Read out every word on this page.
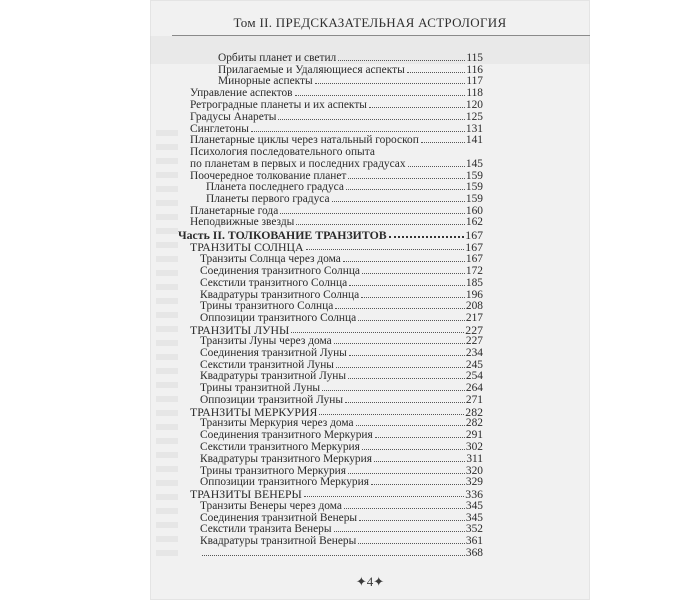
Том II. ПРЕДСКАЗАТЕЛЬНАЯ АСТРОЛОГИЯ
Орбиты планет и светил	115
Прилагаемые и Удаляющиеся аспекты	116
Минорные аспекты	117
Управление аспектов	118
Ретроградные планеты и их аспекты	120
Градусы Анареты	125
Синглетоны	131
Планетарные циклы через натальный гороскоп	141
Психология последовательного опыта
по планетам в первых и последних градусах	145
Поочередное толкование планет	159
Планета последнего градуса	159
Планеты первого градуса	159
Планетарные года	160
Неподвижные звезды	162
Часть II. ТОЛКОВАНИЕ ТРАНЗИТОВ	167
ТРАНЗИТЫ СОЛНЦА	167
Транзиты Солнца через дома	167
Соединения транзитного Солнца	172
Секстили транзитного Солнца	185
Квадратуры транзитного Солнца	196
Трины транзитного Солнца	208
Оппозиции транзитного Солнца	217
ТРАНЗИТЫ ЛУНЫ	227
Транзиты Луны через дома	227
Соединения транзитной Луны	234
Секстили транзитной Луны	245
Квадратуры транзитной Луны	254
Трины транзитной Луны	264
Оппозиции транзитной Луны	271
ТРАНЗИТЫ МЕРКУРИЯ	282
Транзиты Меркурия через дома	282
Соединения транзитного Меркурия	291
Секстили транзитного Меркурия	302
Квадратуры транзитного Меркурия	311
Трины транзитного Меркурия	320
Оппозиции транзитного Меркурия	329
ТРАНЗИТЫ ВЕНЕРЫ	336
Транзиты Венеры через дома	345
Соединения транзитной Венеры	345
Секстили транзита Венеры	352
Квадратуры транзитной Венеры	361
368
✦4✦
